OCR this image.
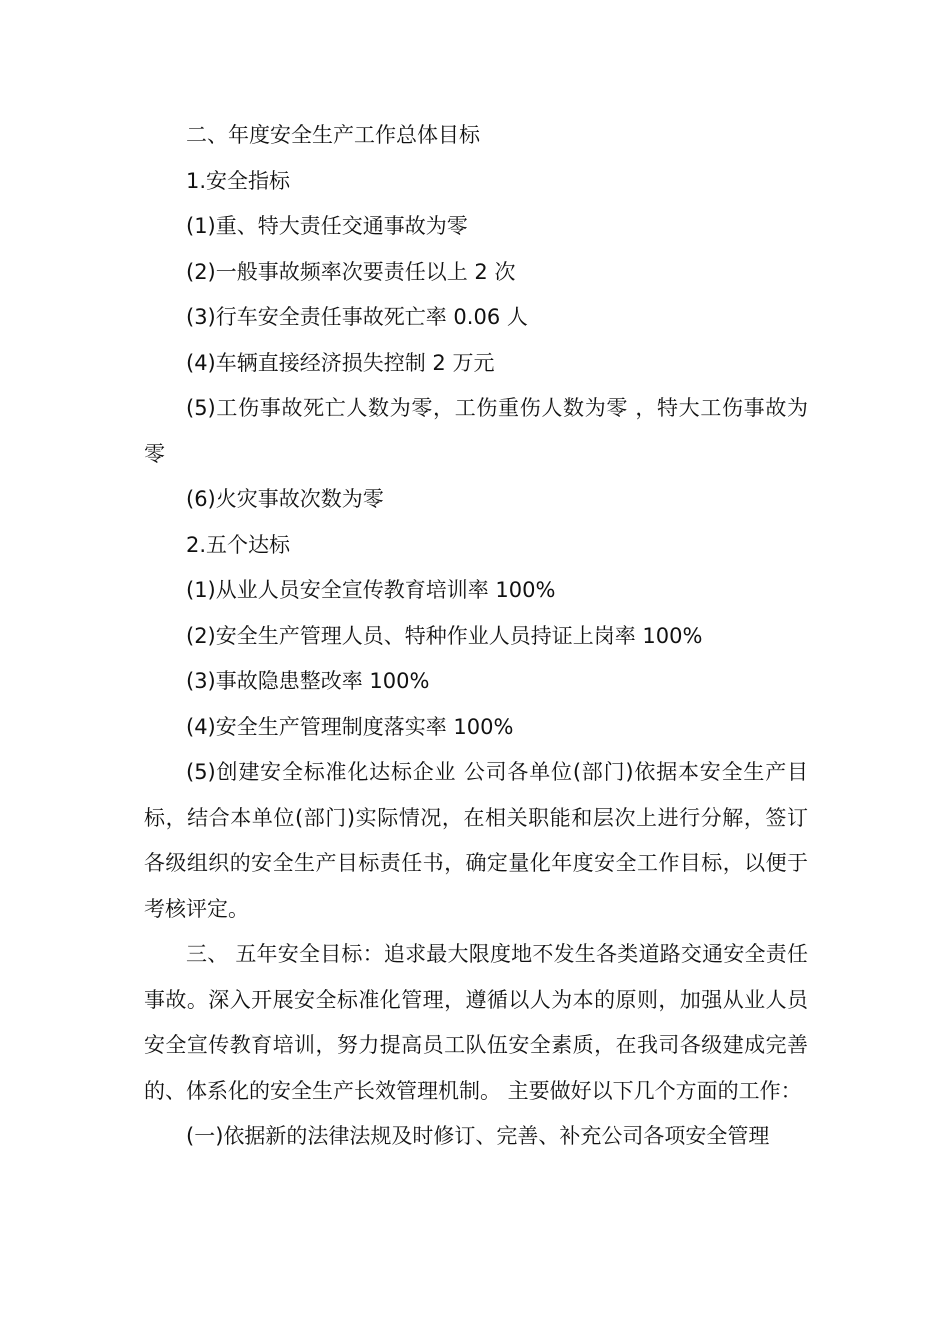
二、年度安全生产工作总体目标

1.安全指标

(1)重、特大责任交通事故为零

(2)一般事故频率次要责任以上 2 次

(3)行车安全责任事故死亡率 0.06 人

(4)车辆直接经济损失控制 2 万元

(5)工伤事故死亡人数为零，工伤重伤人数为零 ，特大工伤事故为零

(6)火灾事故次数为零

2.五个达标

(1)从业人员安全宣传教育培训率 100%

(2)安全生产管理人员、特种作业人员持证上岗率 100%

(3)事故隐患整改率 100%

(4)安全生产管理制度落实率 100%

(5)创建安全标准化达标企业 公司各单位(部门)依据本安全生产目标，结合本单位(部门)实际情况，在相关职能和层次上进行分解，签订各级组织的安全生产目标责任书，确定量化年度安全工作目标，以便于考核评定。

三、 五年安全目标：追求最大限度地不发生各类道路交通安全责任事故。深入开展安全标准化管理，遵循以人为本的原则，加强从业人员安全宣传教育培训，努力提高员工队伍安全素质，在我司各级建成完善的、体系化的安全生产长效管理机制。 主要做好以下几个方面的工作：

(一)依据新的法律法规及时修订、完善、补充公司各项安全管理
